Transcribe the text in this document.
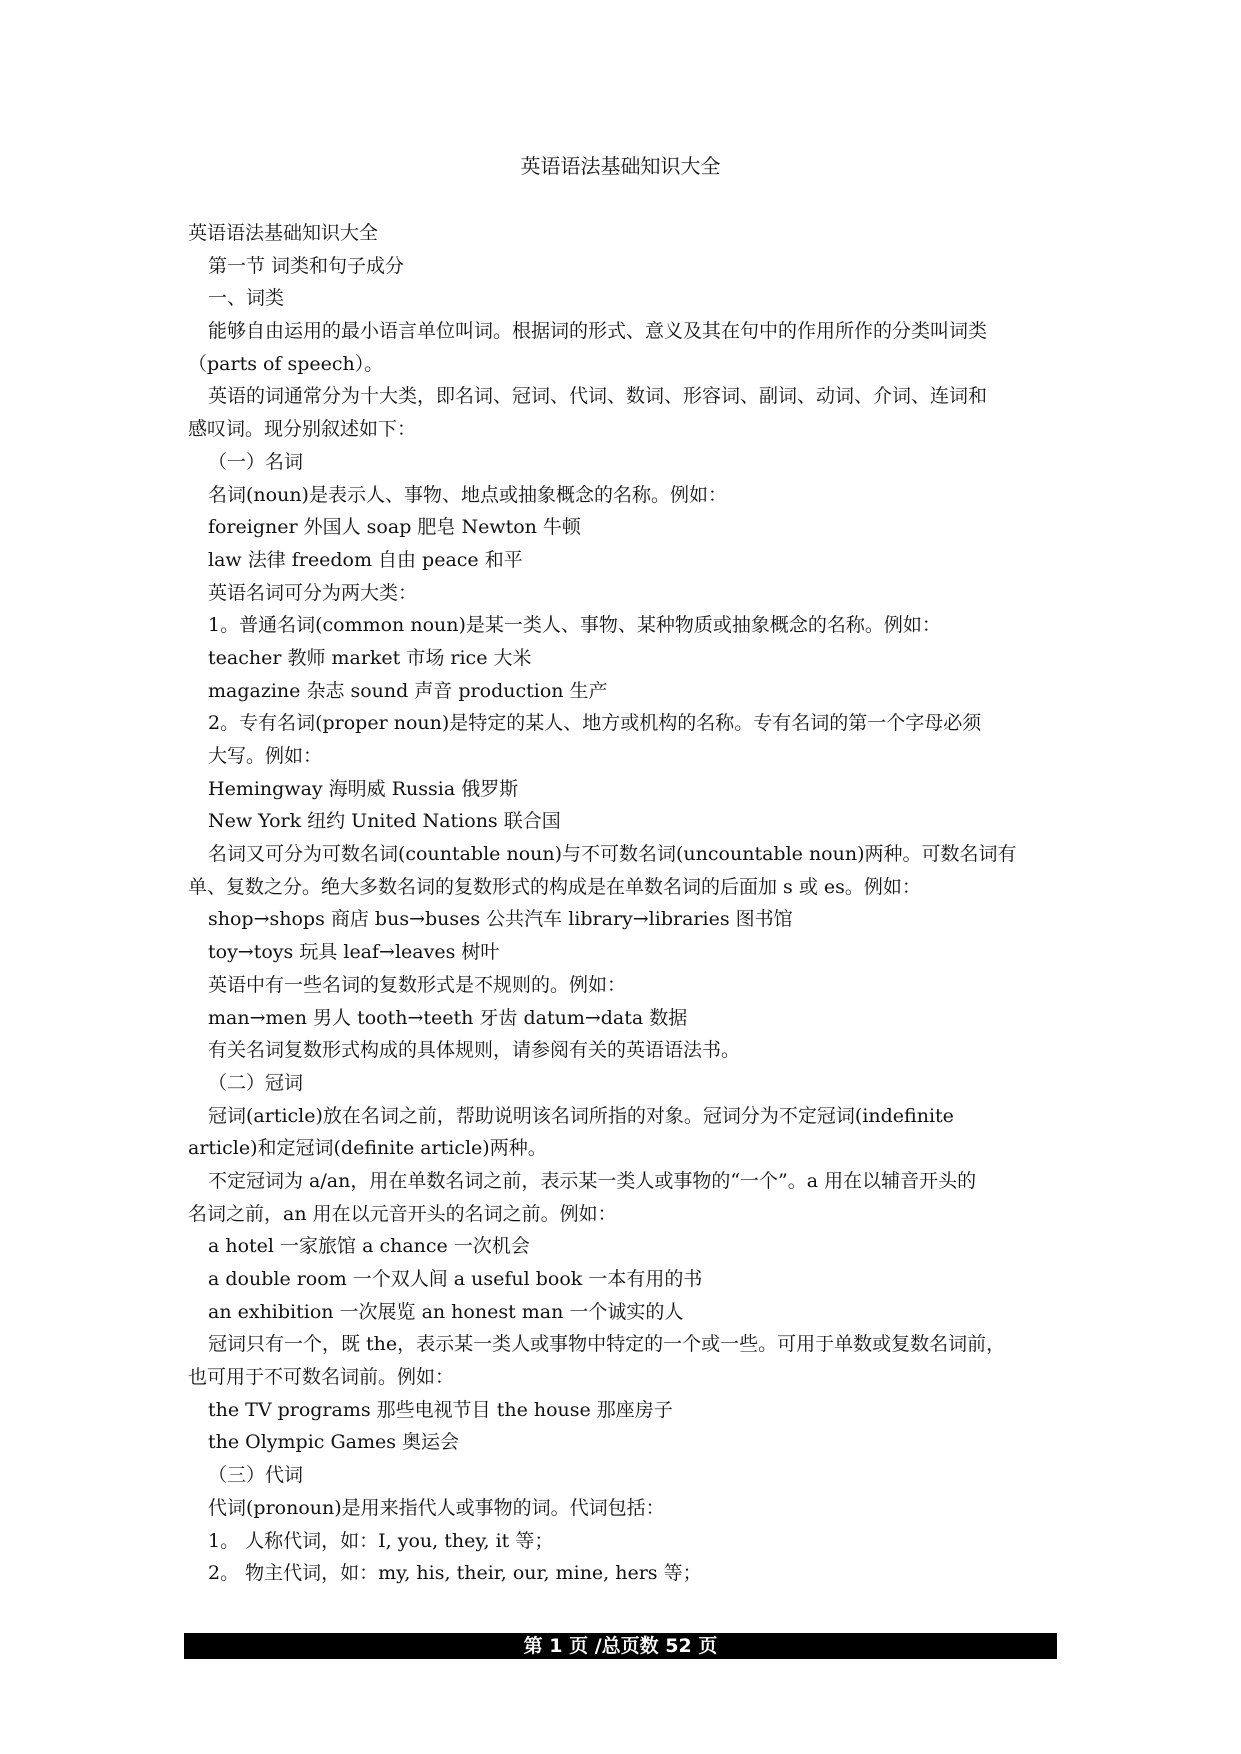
英语语法基础知识大全
英语语法基础知识大全
第一节 词类和句子成分
一、词类
能够自由运用的最小语言单位叫词。根据词的形式、意义及其在句中的作用所作的分类叫词类
（parts of speech）。
英语的词通常分为十大类，即名词、冠词、代词、数词、形容词、副词、动词、介词、连词和
感叹词。现分别叙述如下：
（一）名词
名词(noun)是表示人、事物、地点或抽象概念的名称。例如：
foreigner 外国人 soap 肥皂 Newton 牛顿
law 法律 freedom 自由 peace 和平
英语名词可分为两大类：
1。普通名词(common noun)是某一类人、事物、某种物质或抽象概念的名称。例如：
teacher 教师 market 市场 rice 大米
magazine 杂志 sound 声音 production 生产
2。专有名词(proper noun)是特定的某人、地方或机构的名称。专有名词的第一个字母必须
大写。例如：
Hemingway 海明威 Russia 俄罗斯
New York 纽约 United Nations 联合国
名词又可分为可数名词(countable noun)与不可数名词(uncountable noun)两种。可数名词有
单、复数之分。绝大多数名词的复数形式的构成是在单数名词的后面加 s 或 es。例如：
shop→shops 商店 bus→buses 公共汽车 library→libraries 图书馆
toy→toys 玩具 leaf→leaves 树叶
英语中有一些名词的复数形式是不规则的。例如：
man→men 男人 tooth→teeth 牙齿 datum→data 数据
有关名词复数形式构成的具体规则，请参阅有关的英语语法书。
（二）冠词
冠词(article)放在名词之前，帮助说明该名词所指的对象。冠词分为不定冠词(indefinite
article)和定冠词(definite article)两种。
不定冠词为 a/an，用在单数名词之前，表示某一类人或事物的“一个”。a 用在以辅音开头的
名词之前，an 用在以元音开头的名词之前。例如：
a hotel 一家旅馆 a chance 一次机会
a double room 一个双人间 a useful book 一本有用的书
an exhibition 一次展览 an honest man 一个诚实的人
冠词只有一个，既 the，表示某一类人或事物中特定的一个或一些。可用于单数或复数名词前，
也可用于不可数名词前。例如：
the TV programs 那些电视节目 the house 那座房子
the Olympic Games 奥运会
（三）代词
代词(pronoun)是用来指代人或事物的词。代词包括：
1。 人称代词，如：I, you, they, it 等；
2。 物主代词，如：my, his, their, our, mine, hers 等；
第 1 页 /总页数 52 页
